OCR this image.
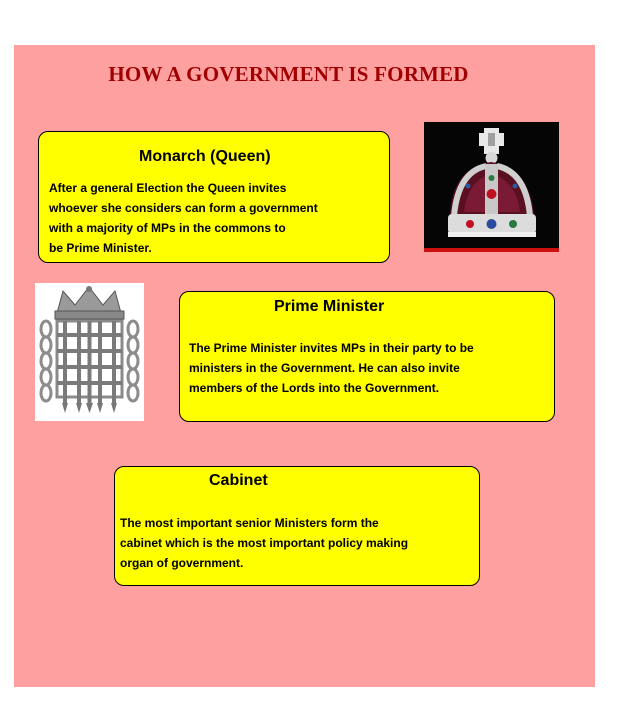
HOW A GOVERNMENT IS FORMED
Monarch (Queen)

After a general Election the Queen invites
whoever she considers can form a government
with a majority of MPs in the commons to
be Prime Minister.

Prime Minister

The Prime Minister invites MPs in their party to be
ministers in the Government. He can also invite
members of the Lords into the Government.

Cabinet

The most important senior Ministers form the
cabinet which is the most important policy making
organ of government.
